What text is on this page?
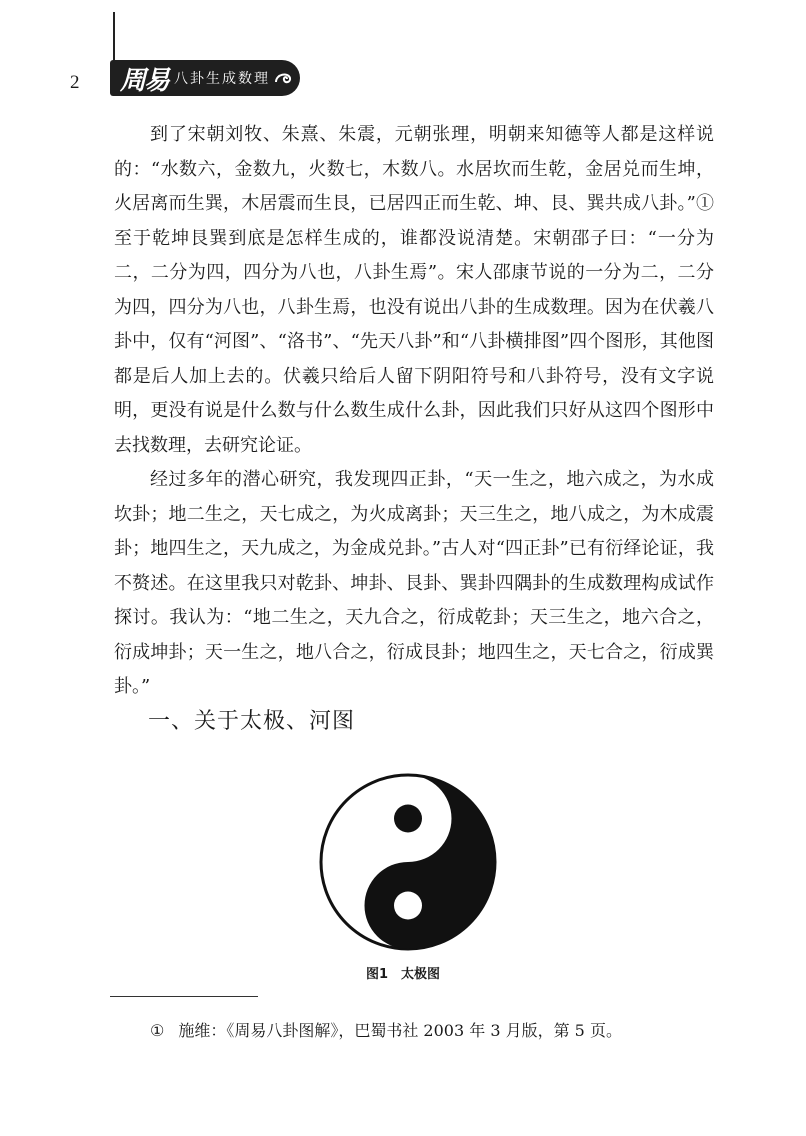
2 周易 八卦生成数理

到了宋朝刘牧、朱熹、朱震，元朝张理，明朝来知德等人都是这样说的：“水数六，金数九，火数七，木数八。水居坎而生乾，金居兑而生坤，火居离而生巽，木居震而生艮，已居四正而生乾、坤、艮、巽共成八卦。”① 至于乾坤艮巽到底是怎样生成的，谁都没说清楚。宋朝邵子曰：“一分为二，二分为四，四分为八也，八卦生焉”。宋人邵康节说的一分为二，二分为四，四分为八也，八卦生焉，也没有说出八卦的生成数理。因为在伏羲八卦中，仅有“河图”、“洛书”、“先天八卦”和“八卦横排图”四个图形，其他图都是后人加上去的。伏羲只给后人留下阴阳符号和八卦符号，没有文字说明，更没有说是什么数与什么数生成什么卦，因此我们只好从这四个图形中去找数理，去研究论证。

经过多年的潜心研究，我发现四正卦，“天一生之，地六成之，为水成坎卦；地二生之，天七成之，为火成离卦；天三生之，地八成之，为木成震卦；地四生之，天九成之，为金成兑卦。”古人对“四正卦”已有衍绎论证，我不赘述。在这里我只对乾卦、坤卦、艮卦、巽卦四隅卦的生成数理构成试作探讨。我认为：“地二生之，天九合之，衍成乾卦；天三生之，地六合之，衍成坤卦；天一生之，地八合之，衍成艮卦；地四生之，天七合之，衍成巽卦。”

一、关于太极、河图
图1　太极图
① 施维：《周易八卦图解》，巴蜀书社 2003 年 3 月版，第 5 页。
